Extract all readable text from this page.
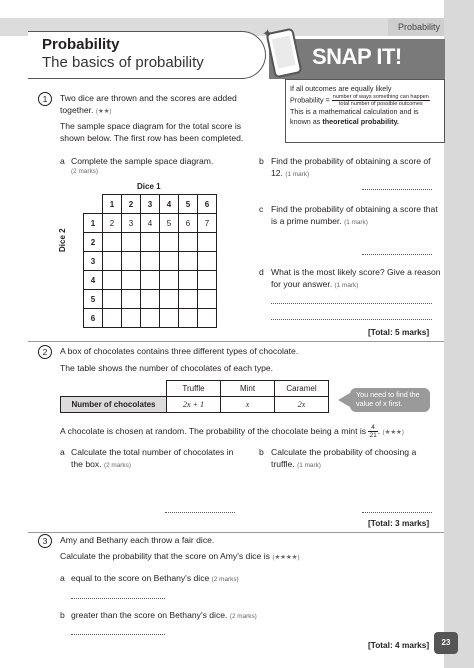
Probability
Probability
The basics of probability
✦
SNAP IT!
If all outcomes are equally likely
Probability = $\frac{\text{number of ways something can happen}}{\text{total number of possible outcomes}}$
This is a mathematical calculation and is known as theoretical probability.
1	Two dice are thrown and the scores are added together. (★★)
The sample space diagram for the total score is shown below. The first row has been completed.
a Complete the sample space diagram.
(2 marks)
Dice 1
Dice 2
	1	2	3	4	5	6
1	2	3	4	5	6	7
2						
3						
4						
5						
6						
b Find the probability of obtaining a score of 12. (1 mark)
c Find the probability of obtaining a score that is a prime number. (1 mark)
d What is the most likely score? Give a reason for your answer. (1 mark)
[Total: 5 marks]
2	A box of chocolates contains three different types of chocolate.
The table shows the number of chocolates of each type.
	Truffle	Mint	Caramel
Number of chocolates	2x + 1	x	2x
You need to find the value of x first.
A chocolate is chosen at random. The probability of the chocolate being a mint is $\frac{4}{21}$ . (★★★)
a Calculate the total number of chocolates in the box. (2 marks)
b Calculate the probability of choosing a truffle. (1 mark)
[Total: 3 marks]
3	Amy and Bethany each throw a fair dice.
Calculate the probability that the score on Amy's dice is (★★★★)
a equal to the score on Bethany's dice (2 marks)
b greater than the score on Bethany's dice. (2 marks)
[Total: 4 marks]	23
